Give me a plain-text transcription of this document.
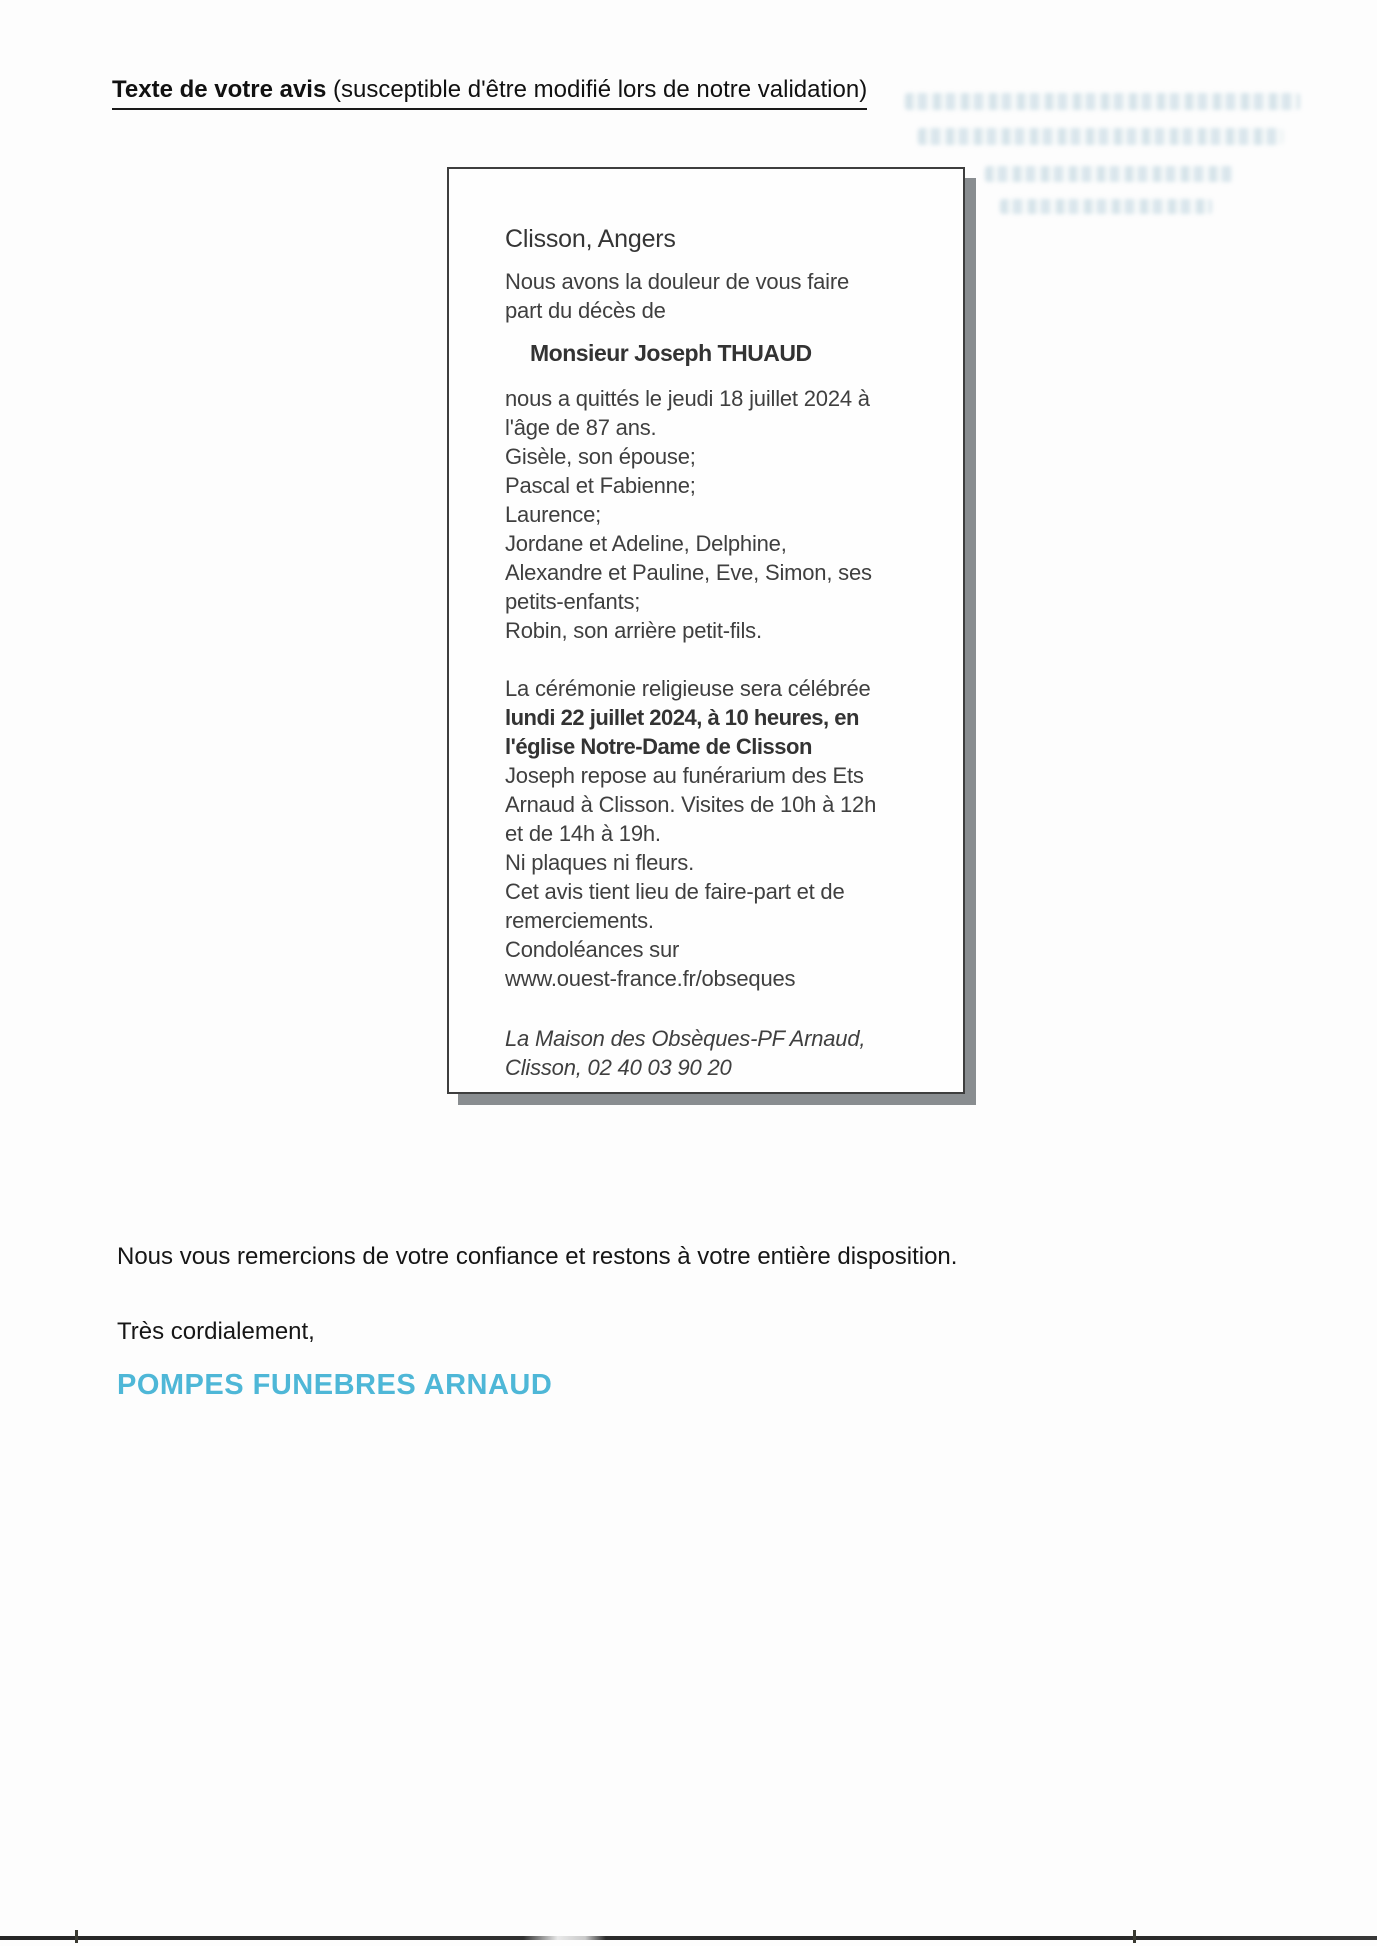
Texte de votre avis (susceptible d'être modifié lors de notre validation)
Clisson, Angers
Nous avons la douleur de vous faire
part du décès de
Monsieur Joseph THUAUD
nous a quittés le jeudi 18 juillet 2024 à
l'âge de 87 ans.
Gisèle, son épouse;
Pascal et Fabienne;
Laurence;
Jordane et Adeline, Delphine,
Alexandre et Pauline, Eve, Simon, ses
petits-enfants;
Robin, son arrière petit-fils.
La cérémonie religieuse sera célébrée
lundi 22 juillet 2024, à 10 heures, en
l'église Notre-Dame de Clisson
Joseph repose au funérarium des Ets
Arnaud à Clisson. Visites de 10h à 12h
et de 14h à 19h.
Ni plaques ni fleurs.
Cet avis tient lieu de faire-part et de
remerciements.
Condoléances sur
www.ouest-france.fr/obseques
La Maison des Obsèques-PF Arnaud,
Clisson, 02 40 03 90 20

Nous vous remercions de votre confiance et restons à votre entière disposition.

Très cordialement,

POMPES FUNEBRES ARNAUD
